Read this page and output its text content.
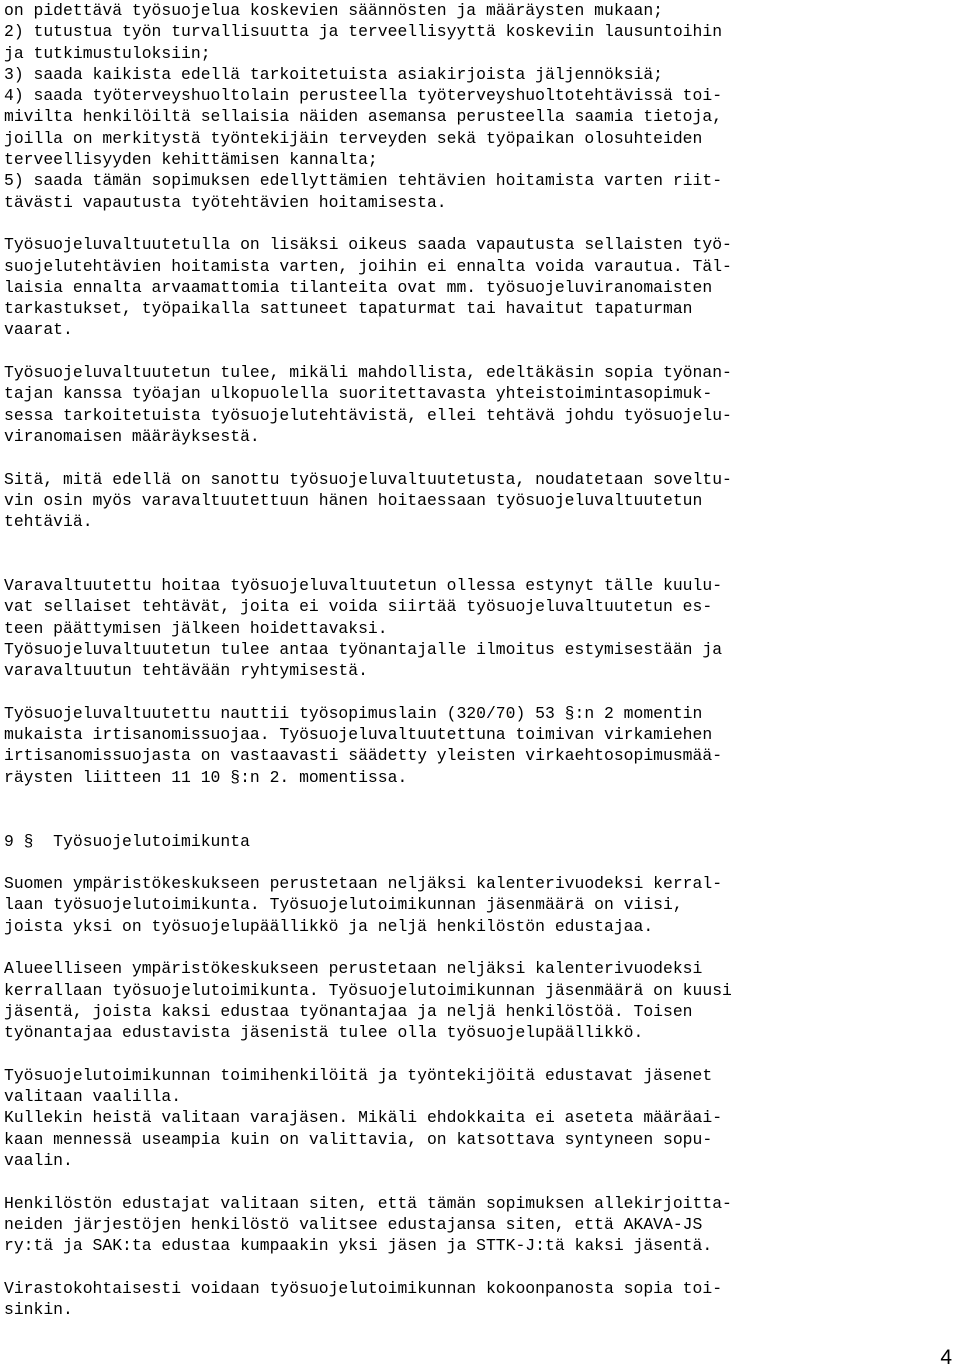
on pidettävä työsuojelua koskevien säännösten ja määräysten mukaan;
2) tutustua työn turvallisuutta ja terveellisyyttä koskeviin lausuntoihin
ja tutkimustuloksiin;
3) saada kaikista edellä tarkoitetuista asiakirjoista jäljennöksiä;
4) saada työterveyshuoltolain perusteella työterveyshuoltotehtävissä toi-
mivilta henkilöiltä sellaisia näiden asemansa perusteella saamia tietoja,
joilla on merkitystä työntekijäin terveyden sekä työpaikan olosuhteiden
terveellisyyden kehittämisen kannalta;
5) saada tämän sopimuksen edellyttämien tehtävien hoitamista varten riit-
tävästi vapautusta työtehtävien hoitamisesta.
Työsuojeluvaltuutetulla on lisäksi oikeus saada vapautusta sellaisten työ-
suojelutehtävien hoitamista varten, joihin ei ennalta voida varautua. Täl-
laisia ennalta arvaamattomia tilanteita ovat mm. työsuojeluviranomaisten
tarkastukset, työpaikalla sattuneet tapaturmat tai havaitut tapaturman
vaarat.
Työsuojeluvaltuutetun tulee, mikäli mahdollista, edeltäkäsin sopia työnan-
tajan kanssa työajan ulkopuolella suoritettavasta yhteistoimintasopimuk-
sessa tarkoitetuista työsuojelutehtävistä, ellei tehtävä johdu työsuojelu-
viranomaisen määräyksestä.
Sitä, mitä edellä on sanottu työsuojeluvaltuutetusta, noudatetaan soveltu-
vin osin myös varavaltuutettuun hänen hoitaessaan työsuojeluvaltuutetun
tehtäviä.
Varavaltuutettu hoitaa työsuojeluvaltuutetun ollessa estynyt tälle kuulu-
vat sellaiset tehtävät, joita ei voida siirtää työsuojeluvaltuutetun es-
teen päättymisen jälkeen hoidettavaksi.
Työsuojeluvaltuutetun tulee antaa työnantajalle ilmoitus estymisestään ja
varavaltuutun tehtävään ryhtymisestä.
Työsuojeluvaltuutettu nauttii työsopimuslain (320/70) 53 §:n 2 momentin
mukaista irtisanomissuojaa. Työsuojeluvaltuutettuna toimivan virkamiehen
irtisanomissuojasta on vastaavasti säädetty yleisten virkaehtosopimusmää-
räysten liitteen 11 10 §:n 2. momentissa.
9 §  Työsuojelutoimikunta
Suomen ympäristökeskukseen perustetaan neljäksi kalenterivuodeksi kerral-
laan työsuojelutoimikunta. Työsuojelutoimikunnan jäsenmäärä on viisi,
joista yksi on työsuojelupäällikkö ja neljä henkilöstön edustajaa.
Alueelliseen ympäristökeskukseen perustetaan neljäksi kalenterivuodeksi
kerrallaan työsuojelutoimikunta. Työsuojelutoimikunnan jäsenmäärä on kuusi
jäsentä, joista kaksi edustaa työnantajaa ja neljä henkilöstöä. Toisen
työnantajaa edustavista jäsenistä tulee olla työsuojelupäällikkö.
Työsuojelutoimikunnan toimihenkilöitä ja työntekijöitä edustavat jäsenet
valitaan vaalilla.
Kullekin heistä valitaan varajäsen. Mikäli ehdokkaita ei aseteta määräai-
kaan mennessä useampia kuin on valittavia, on katsottava syntyneen sopu-
vaalin.
Henkilöstön edustajat valitaan siten, että tämän sopimuksen allekirjoitta-
neiden järjestöjen henkilöstö valitsee edustajansa siten, että AKAVA-JS
ry:tä ja SAK:ta edustaa kumpaakin yksi jäsen ja STTK-J:tä kaksi jäsentä.
Virastokohtaisesti voidaan työsuojelutoimikunnan kokoonpanosta sopia toi-
sinkin.
4
